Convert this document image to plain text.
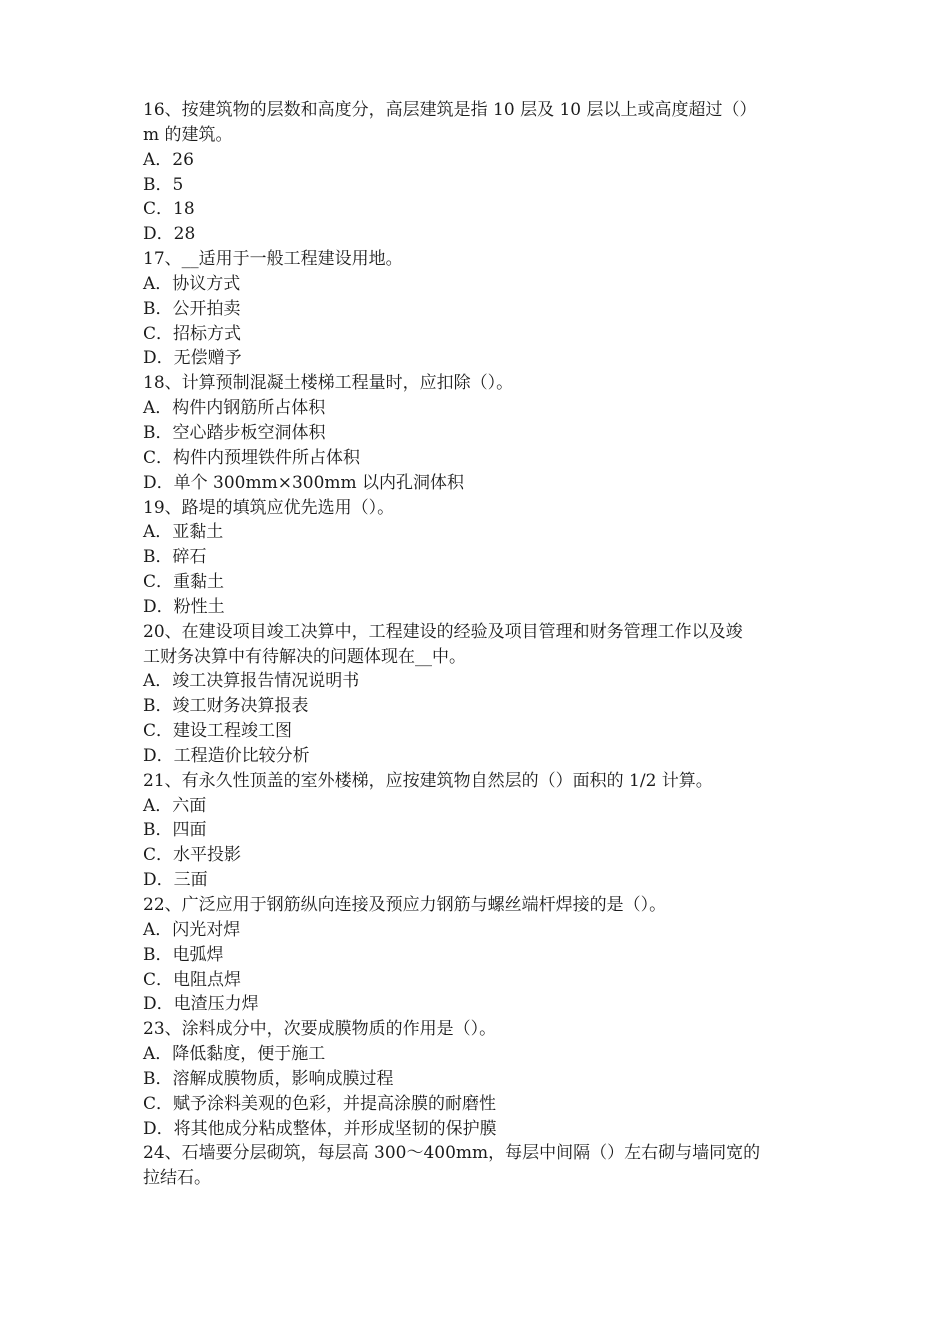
16、按建筑物的层数和高度分，高层建筑是指 10 层及 10 层以上或高度超过（）

m 的建筑。

A．26

B．5

C．18

D．28

17、__适用于一般工程建设用地。

A．协议方式

B．公开拍卖

C．招标方式

D．无偿赠予

18、计算预制混凝土楼梯工程量时，应扣除（）。

A．构件内钢筋所占体积

B．空心踏步板空洞体积

C．构件内预埋铁件所占体积

D．单个 300mm×300mm 以内孔洞体积

19、路堤的填筑应优先选用（）。

A．亚黏土

B．碎石

C．重黏土

D．粉性土

20、在建设项目竣工决算中，工程建设的经验及项目管理和财务管理工作以及竣

工财务决算中有待解决的问题体现在__中。

A．竣工决算报告情况说明书

B．竣工财务决算报表

C．建设工程竣工图

D．工程造价比较分析

21、有永久性顶盖的室外楼梯，应按建筑物自然层的（）面积的 1/2 计算。

A．六面

B．四面

C．水平投影

D．三面

22、广泛应用于钢筋纵向连接及预应力钢筋与螺丝端杆焊接的是（）。

A．闪光对焊

B．电弧焊

C．电阻点焊

D．电渣压力焊

23、涂料成分中，次要成膜物质的作用是（）。

A．降低黏度，便于施工

B．溶解成膜物质，影响成膜过程

C．赋予涂料美观的色彩，并提高涂膜的耐磨性

D．将其他成分粘成整体，并形成坚韧的保护膜

24、石墙要分层砌筑，每层高 300～400mm，每层中间隔（）左右砌与墙同宽的

拉结石。
